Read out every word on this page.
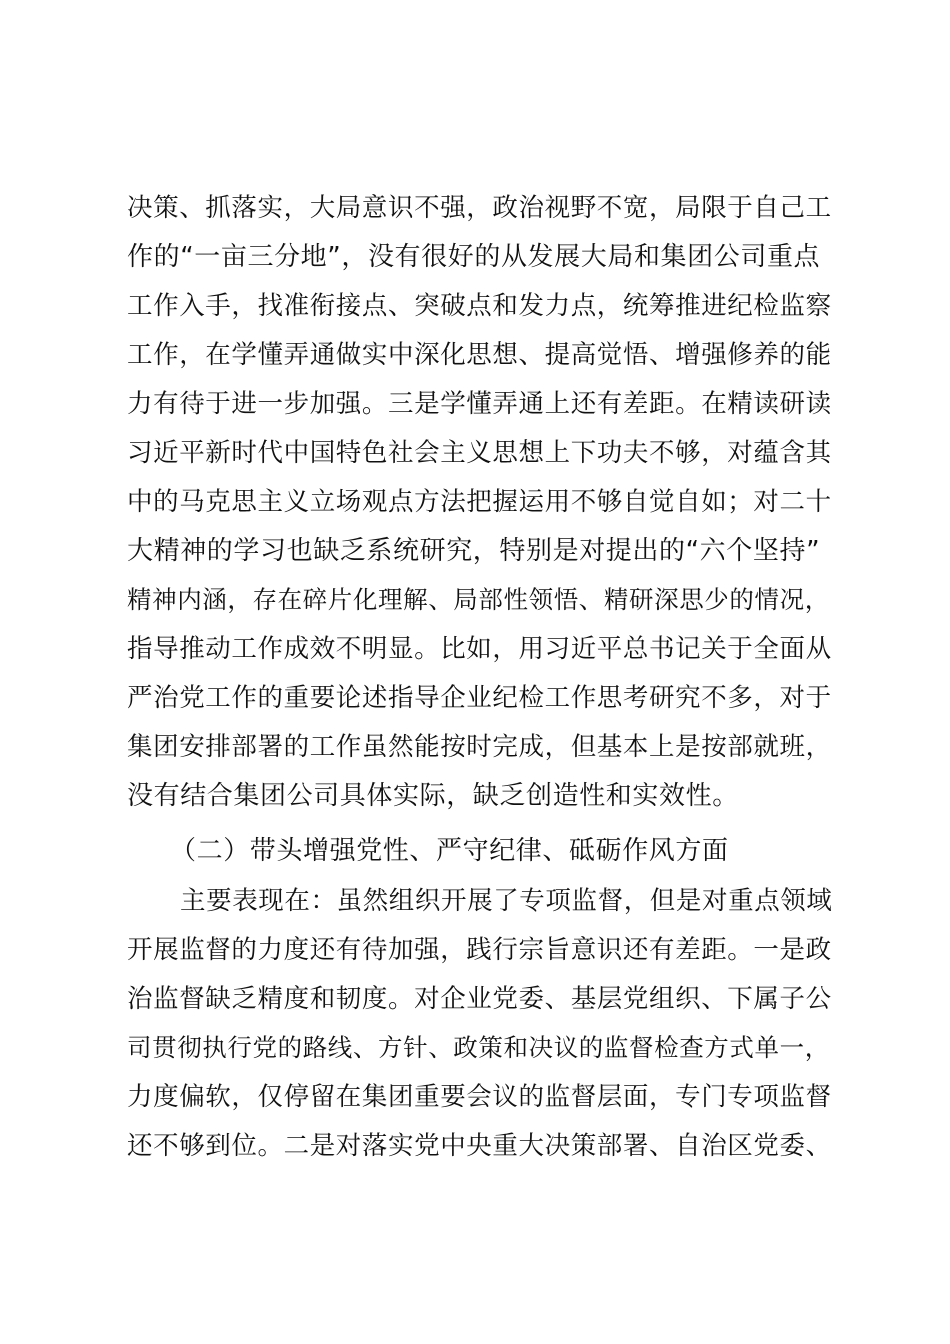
决策、抓落实，大局意识不强，政治视野不宽，局限于自己工
作的“一亩三分地”，没有很好的从发展大局和集团公司重点
工作入手，找准衔接点、突破点和发力点，统筹推进纪检监察
工作，在学懂弄通做实中深化思想、提高觉悟、增强修养的能
力有待于进一步加强。三是学懂弄通上还有差距。在精读研读
习近平新时代中国特色社会主义思想上下功夫不够，对蕴含其
中的马克思主义立场观点方法把握运用不够自觉自如；对二十
大精神的学习也缺乏系统研究，特别是对提出的“六个坚持”
精神内涵，存在碎片化理解、局部性领悟、精研深思少的情况，
指导推动工作成效不明显。比如，用习近平总书记关于全面从
严治党工作的重要论述指导企业纪检工作思考研究不多，对于
集团安排部署的工作虽然能按时完成，但基本上是按部就班，
没有结合集团公司具体实际，缺乏创造性和实效性。
（二）带头增强党性、严守纪律、砥砺作风方面
主要表现在：虽然组织开展了专项监督，但是对重点领域
开展监督的力度还有待加强，践行宗旨意识还有差距。一是政
治监督缺乏精度和韧度。对企业党委、基层党组织、下属子公
司贯彻执行党的路线、方针、政策和决议的监督检查方式单一，
力度偏软，仅停留在集团重要会议的监督层面，专门专项监督
还不够到位。二是对落实党中央重大决策部署、自治区党委、
